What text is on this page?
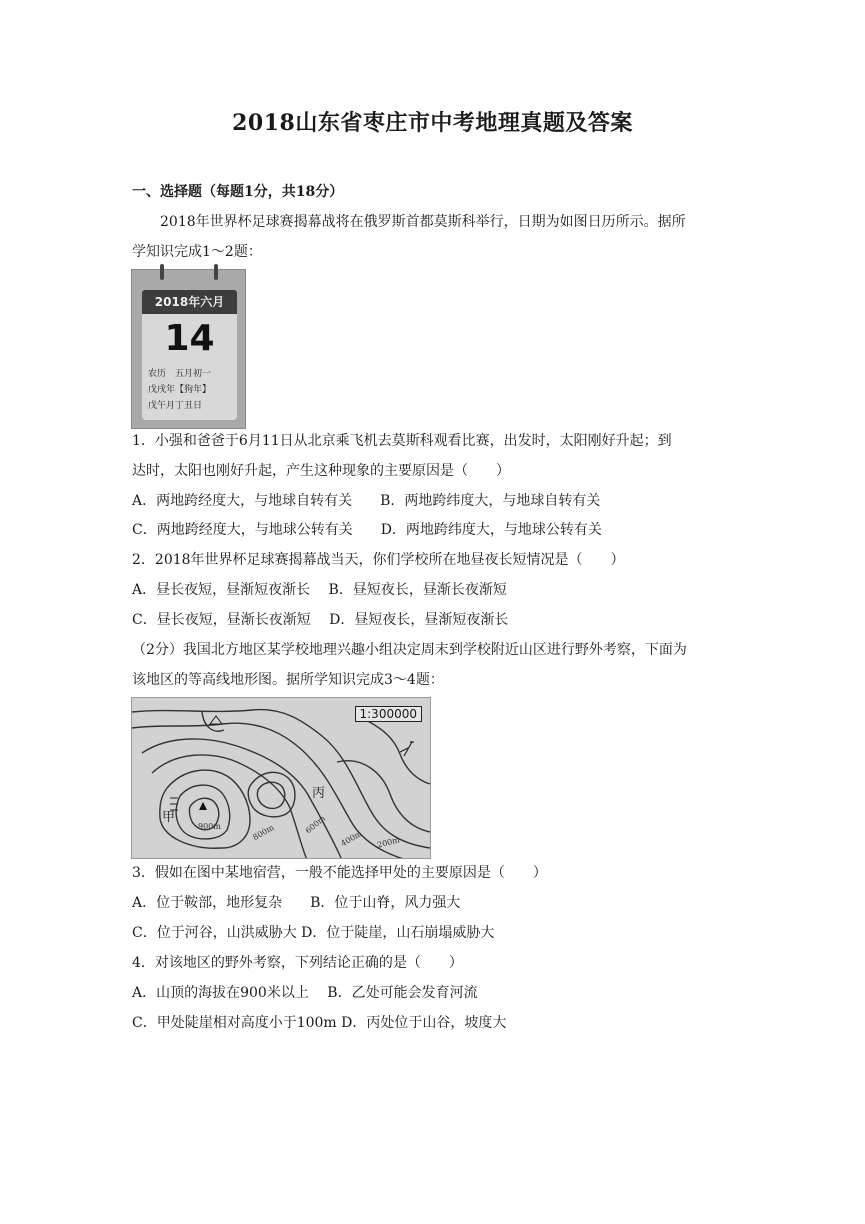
2018山东省枣庄市中考地理真题及答案
一、选择题（每题1分，共18分）
2018年世界杯足球赛揭幕战将在俄罗斯首都莫斯科举行，日期为如图日历所示。据所
学知识完成1～2题：
2018年六月
14
农历　五月初一
戊戌年【狗年】
戊午月丁丑日
1．小强和爸爸于6月11日从北京乘飞机去莫斯科观看比赛，出发时，太阳刚好升起；到
达时，太阳也刚好升起，产生这种现象的主要原因是（　　）
A．两地跨经度大，与地球自转有关　　B．两地跨纬度大，与地球自转有关
C．两地跨经度大，与地球公转有关　　D．两地跨纬度大，与地球公转有关
2．2018年世界杯足球赛揭幕战当天，你们学校所在地昼夜长短情况是（　　）
A．昼长夜短，昼渐短夜渐长　 B．昼短夜长，昼渐长夜渐短
C．昼长夜短，昼渐长夜渐短　 D．昼短夜长，昼渐短夜渐长
（2分）我国北方地区某学校地理兴趣小组决定周末到学校附近山区进行野外考察，下面为
该地区的等高线地形图。据所学知识完成3～4题：
1:300000
丙
甲
900m	800m	600m
400m 200m
3．假如在图中某地宿营，一般不能选择甲处的主要原因是（　　）
A．位于鞍部，地形复杂　　B．位于山脊，风力强大
C．位于河谷，山洪威胁大 D．位于陡崖，山石崩塌威胁大
4．对该地区的野外考察，下列结论正确的是（　　）
A．山顶的海拔在900米以上　 B．乙处可能会发育河流
C．甲处陡崖相对高度小于100m D．丙处位于山谷，坡度大
